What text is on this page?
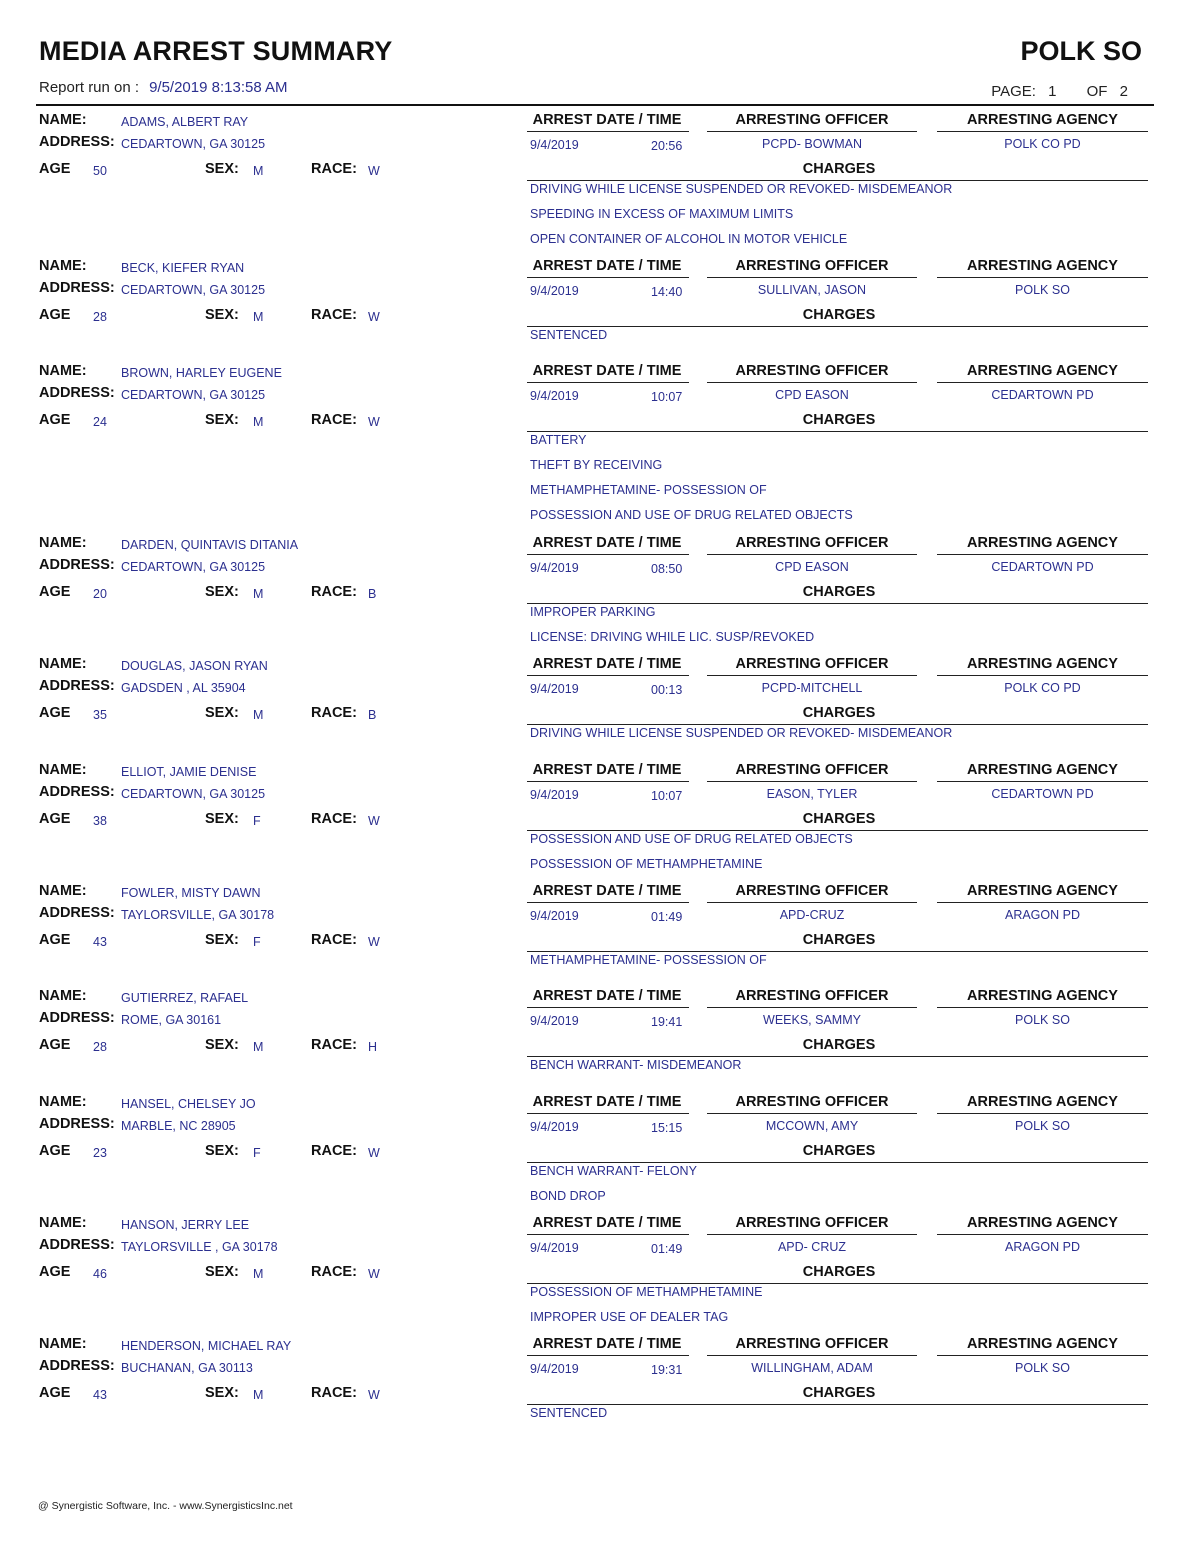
MEDIA ARREST SUMMARY	POLK SO
Report run on : 9/5/2019 8:13:58 AM	PAGE: 1 OF 2
NAME:	ADAMS, ALBERT RAY
ADDRESS: CEDARTOWN, GA 30125
AGE 50	SEX: M	RACE: W
ARREST DATE / TIME	ARRESTING OFFICER	ARRESTING AGENCY
9/4/2019	20:56	PCPD- BOWMAN	POLK CO PD
CHARGES
DRIVING WHILE LICENSE SUSPENDED OR REVOKED- MISDEMEANOR
SPEEDING IN EXCESS OF MAXIMUM LIMITS
OPEN CONTAINER OF ALCOHOL IN MOTOR VEHICLE
NAME:	BECK, KIEFER RYAN
ADDRESS: CEDARTOWN, GA 30125
AGE 28	SEX: M	RACE: W
ARREST DATE / TIME	ARRESTING OFFICER	ARRESTING AGENCY
9/4/2019	14:40	SULLIVAN, JASON	POLK SO
CHARGES
SENTENCED
NAME:	BROWN, HARLEY EUGENE
ADDRESS: CEDARTOWN, GA 30125
AGE 24	SEX: M	RACE: W
ARREST DATE / TIME	ARRESTING OFFICER	ARRESTING AGENCY
9/4/2019	10:07	CPD EASON	CEDARTOWN PD
CHARGES
BATTERY
THEFT BY RECEIVING
METHAMPHETAMINE- POSSESSION OF
POSSESSION AND USE OF DRUG RELATED OBJECTS
NAME:	DARDEN, QUINTAVIS DITANIA
ADDRESS: CEDARTOWN, GA 30125
AGE 20	SEX: M	RACE: B
ARREST DATE / TIME	ARRESTING OFFICER	ARRESTING AGENCY
9/4/2019	08:50	CPD EASON	CEDARTOWN PD
CHARGES
IMPROPER PARKING
LICENSE: DRIVING WHILE LIC. SUSP/REVOKED
NAME:	DOUGLAS, JASON RYAN
ADDRESS: GADSDEN , AL 35904
AGE 35	SEX: M	RACE: B
ARREST DATE / TIME	ARRESTING OFFICER	ARRESTING AGENCY
9/4/2019	00:13	PCPD-MITCHELL	POLK CO PD
CHARGES
DRIVING WHILE LICENSE SUSPENDED OR REVOKED- MISDEMEANOR
NAME:	ELLIOT, JAMIE DENISE
ADDRESS: CEDARTOWN, GA 30125
AGE 38	SEX: F	RACE: W
ARREST DATE / TIME	ARRESTING OFFICER	ARRESTING AGENCY
9/4/2019	10:07	EASON, TYLER	CEDARTOWN PD
CHARGES
POSSESSION AND USE OF DRUG RELATED OBJECTS
POSSESSION OF METHAMPHETAMINE
NAME:	FOWLER, MISTY DAWN
ADDRESS: TAYLORSVILLE, GA 30178
AGE 43	SEX: F	RACE: W
ARREST DATE / TIME	ARRESTING OFFICER	ARRESTING AGENCY
9/4/2019	01:49	APD-CRUZ	ARAGON PD
CHARGES
METHAMPHETAMINE- POSSESSION OF
NAME:	GUTIERREZ, RAFAEL
ADDRESS: ROME, GA 30161
AGE 28	SEX: M	RACE: H
ARREST DATE / TIME	ARRESTING OFFICER	ARRESTING AGENCY
9/4/2019	19:41	WEEKS, SAMMY	POLK SO
CHARGES
BENCH WARRANT- MISDEMEANOR
NAME:	HANSEL, CHELSEY JO
ADDRESS: MARBLE, NC 28905
AGE 23	SEX: F	RACE: W
ARREST DATE / TIME	ARRESTING OFFICER	ARRESTING AGENCY
9/4/2019	15:15	MCCOWN, AMY	POLK SO
CHARGES
BENCH WARRANT- FELONY
BOND DROP
NAME:	HANSON, JERRY LEE
ADDRESS: TAYLORSVILLE , GA 30178
AGE 46	SEX: M	RACE: W
ARREST DATE / TIME	ARRESTING OFFICER	ARRESTING AGENCY
9/4/2019	01:49	APD- CRUZ	ARAGON PD
CHARGES
POSSESSION OF METHAMPHETAMINE
IMPROPER USE OF DEALER TAG
NAME:	HENDERSON, MICHAEL RAY
ADDRESS: BUCHANAN, GA 30113
AGE 43	SEX: M	RACE: W
ARREST DATE / TIME	ARRESTING OFFICER	ARRESTING AGENCY
9/4/2019	19:31	WILLINGHAM, ADAM	POLK SO
CHARGES
SENTENCED
@ Synergistic Software, Inc. - www.SynergisticsInc.net
